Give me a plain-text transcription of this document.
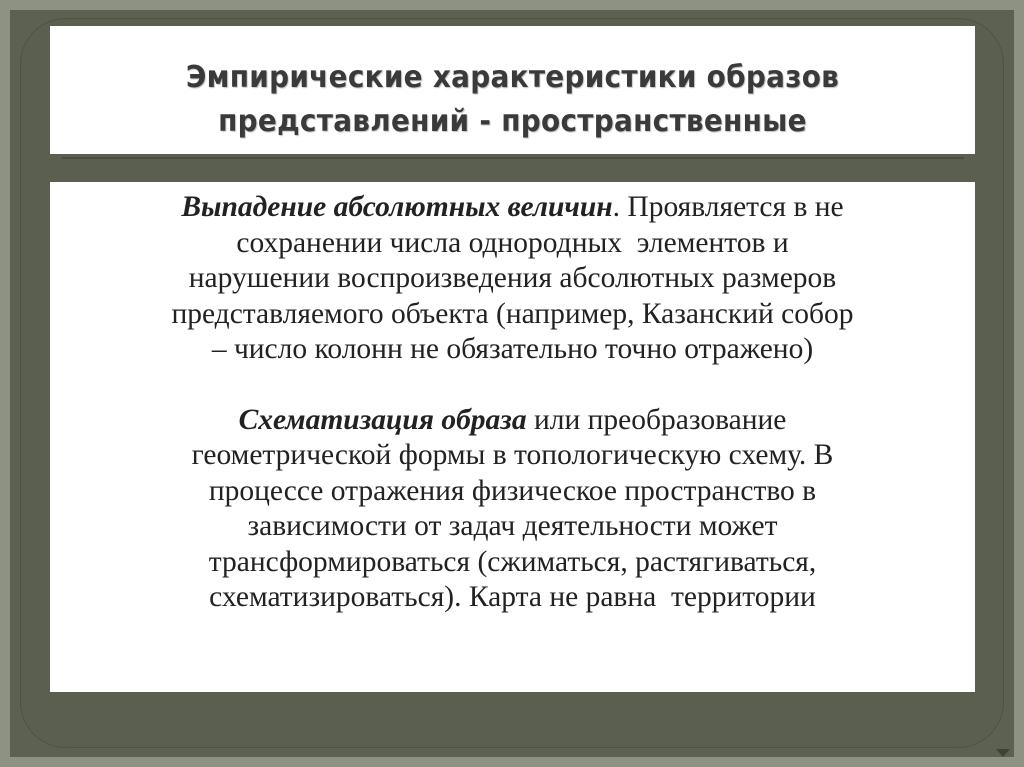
Эмпирические характеристики образов
представлений - пространственные
Выпадение абсолютных величин. Проявляется в не
сохранении числа однородных  элементов и
нарушении воспроизведения абсолютных размеров
представляемого объекта (например, Казанский собор
– число колонн не обязательно точно отражено)
Схематизация образа или преобразование
геометрической формы в топологическую схему. В
процессе отражения физическое пространство в
зависимости от задач деятельности может
трансформироваться (сжиматься, растягиваться,
схематизироваться). Карта не равна  территории
